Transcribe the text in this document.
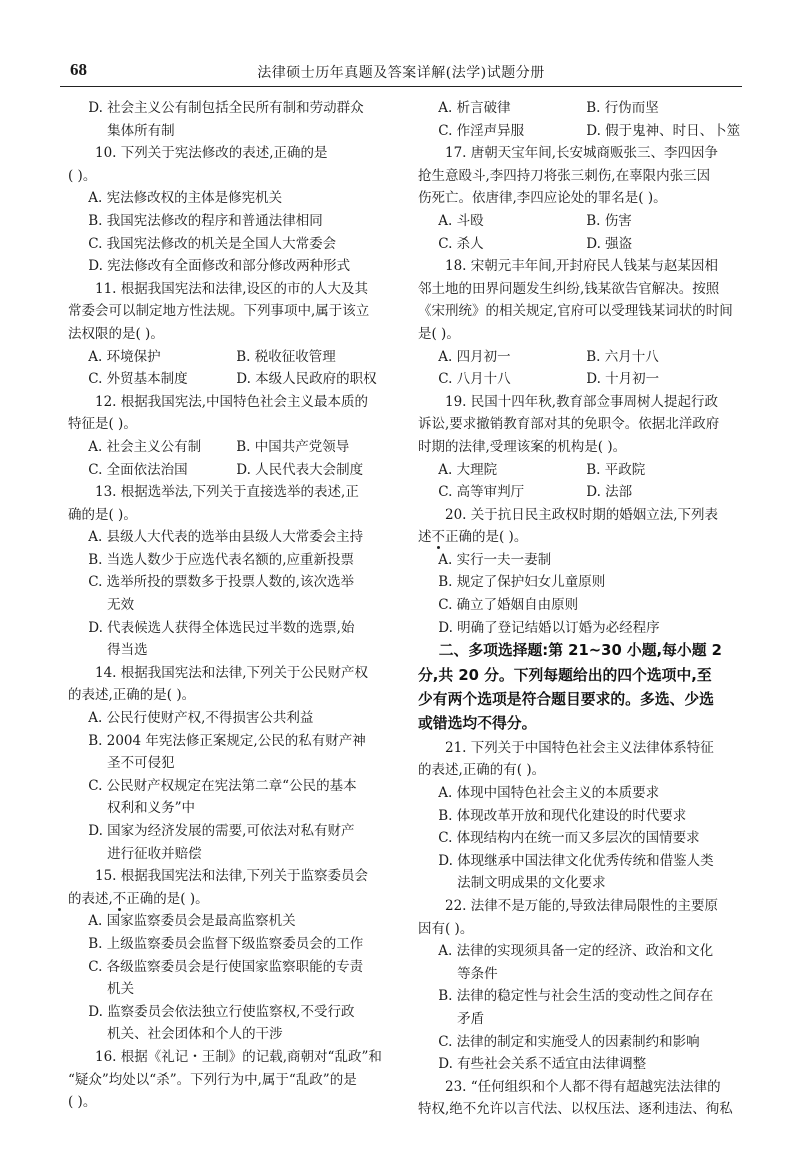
68	法律硕士历年真题及答案详解(法学)试题分册
D. 社会主义公有制包括全民所有制和劳动群众
集体所有制
10. 下列关于宪法修改的表述,正确的是
( )。
A. 宪法修改权的主体是修宪机关
B. 我国宪法修改的程序和普通法律相同
C. 我国宪法修改的机关是全国人大常委会
D. 宪法修改有全面修改和部分修改两种形式
11. 根据我国宪法和法律,设区的市的人大及其
常委会可以制定地方性法规。下列事项中,属于该立
法权限的是( )。
A. 环境保护	B. 税收征收管理
C. 外贸基本制度	D. 本级人民政府的职权
12. 根据我国宪法,中国特色社会主义最本质的
特征是( )。
A. 社会主义公有制	B. 中国共产党领导
C. 全面依法治国	D. 人民代表大会制度
13. 根据选举法,下列关于直接选举的表述,正
确的是( )。
A. 县级人大代表的选举由县级人大常委会主持
B. 当选人数少于应选代表名额的,应重新投票
C. 选举所投的票数多于投票人数的,该次选举
无效
D. 代表候选人获得全体选民过半数的选票,始
得当选
14. 根据我国宪法和法律,下列关于公民财产权
的表述,正确的是( )。
A. 公民行使财产权,不得损害公共利益
B. 2004 年宪法修正案规定,公民的私有财产神
圣不可侵犯
C. 公民财产权规定在宪法第二章“公民的基本
权利和义务”中
D. 国家为经济发展的需要,可依法对私有财产
进行征收并赔偿
15. 根据我国宪法和法律,下列关于监察委员会
的表述,不正确的是( )。
A. 国家监察委员会是最高监察机关
B. 上级监察委员会监督下级监察委员会的工作
C. 各级监察委员会是行使国家监察职能的专责
机关
D. 监察委员会依法独立行使监察权,不受行政
机关、社会团体和个人的干涉
16. 根据《礼记・王制》的记载,商朝对“乱政”和
“疑众”均处以“杀”。下列行为中,属于“乱政”的是
( )。
A. 析言破律	B. 行伪而坚
C. 作淫声异服	D. 假于鬼神、时日、卜筮
17. 唐朝天宝年间,长安城商贩张三、李四因争
抢生意殴斗,李四持刀将张三刺伤,在辜限内张三因
伤死亡。依唐律,李四应论处的罪名是( )。
A. 斗殴	B. 伤害
C. 杀人	D. 强盗
18. 宋朝元丰年间,开封府民人钱某与赵某因相
邻土地的田界问题发生纠纷,钱某欲告官解决。按照
《宋刑统》的相关规定,官府可以受理钱某词状的时间
是( )。
A. 四月初一	B. 六月十八
C. 八月十八	D. 十月初一
19. 民国十四年秋,教育部佥事周树人提起行政
诉讼,要求撤销教育部对其的免职令。依据北洋政府
时期的法律,受理该案的机构是( )。
A. 大理院	B. 平政院
C. 高等审判厅	D. 法部
20. 关于抗日民主政权时期的婚姻立法,下列表
述不正确的是( )。
A. 实行一夫一妻制
B. 规定了保护妇女儿童原则
C. 确立了婚姻自由原则
D. 明确了登记结婚以订婚为必经程序
二、多项选择题:第 21~30 小题,每小题 2
分,共 20 分。下列每题给出的四个选项中,至
少有两个选项是符合题目要求的。多选、少选
或错选均不得分。
21. 下列关于中国特色社会主义法律体系特征
的表述,正确的有( )。
A. 体现中国特色社会主义的本质要求
B. 体现改革开放和现代化建设的时代要求
C. 体现结构内在统一而又多层次的国情要求
D. 体现继承中国法律文化优秀传统和借鉴人类
法制文明成果的文化要求
22. 法律不是万能的,导致法律局限性的主要原
因有( )。
A. 法律的实现须具备一定的经济、政治和文化
等条件
B. 法律的稳定性与社会生活的变动性之间存在
矛盾
C. 法律的制定和实施受人的因素制约和影响
D. 有些社会关系不适宜由法律调整
23. “任何组织和个人都不得有超越宪法法律的
特权,绝不允许以言代法、以权压法、逐利违法、徇私
